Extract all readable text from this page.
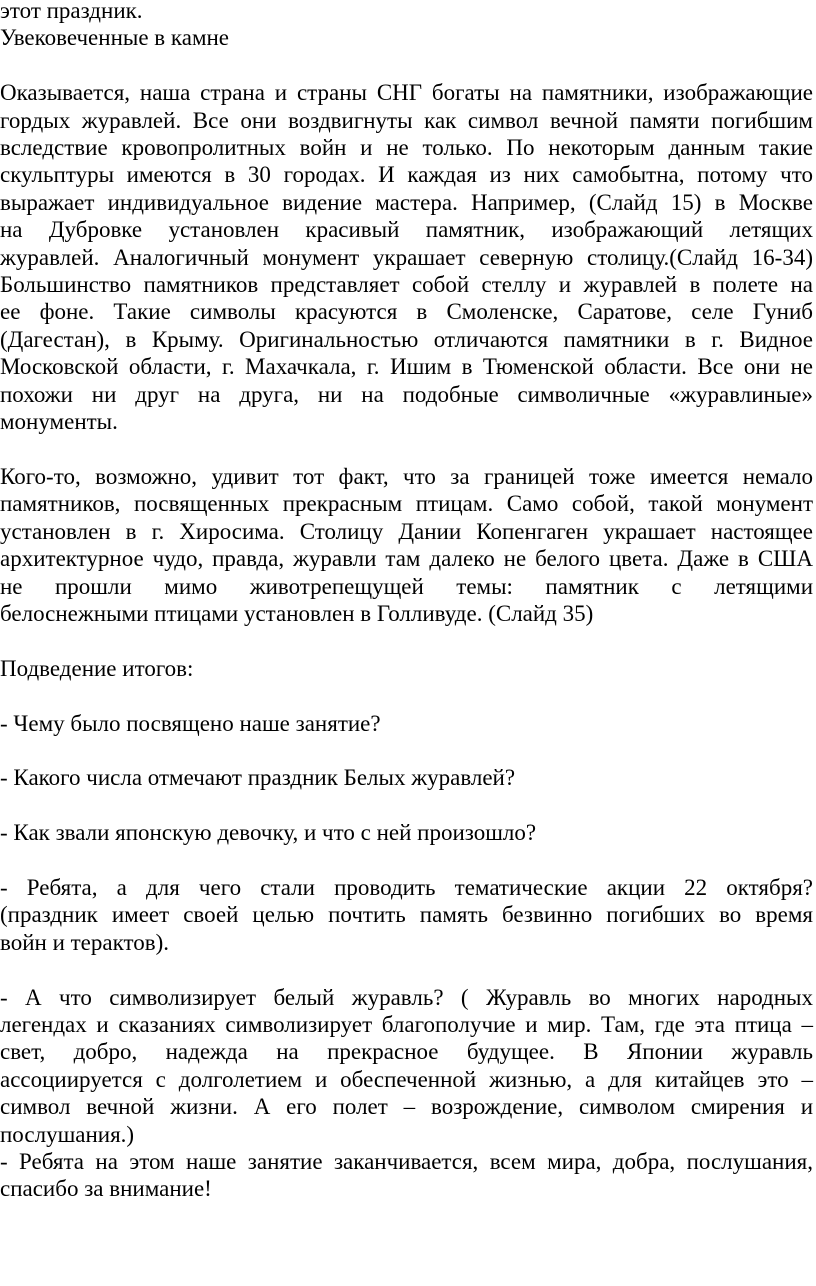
этот праздник.
Увековеченные в камне
Оказывается, наша страна и страны СНГ богаты на памятники, изображающие
гордых журавлей. Все они воздвигнуты как символ вечной памяти погибшим
вследствие кровопролитных войн и не только. По некоторым данным такие
скульптуры имеются в 30 городах. И каждая из них самобытна, потому что
выражает индивидуальное видение мастера. Например, (Слайд 15) в Москве
на Дубровке установлен красивый памятник, изображающий летящих
журавлей. Аналогичный монумент украшает северную столицу.(Слайд 16-34)
Большинство памятников представляет собой стеллу и журавлей в полете на
ее фоне. Такие символы красуются в Смоленске, Саратове, селе Гуниб
(Дагестан), в Крыму. Оригинальностью отличаются памятники в г. Видное
Московской области, г. Махачкала, г. Ишим в Тюменской области. Все они не
похожи ни друг на друга, ни на подобные символичные «журавлиные»
монументы.
Кого-то, возможно, удивит тот факт, что за границей тоже имеется немало
памятников, посвященных прекрасным птицам. Само собой, такой монумент
установлен в г. Хиросима. Столицу Дании Копенгаген украшает настоящее
архитектурное чудо, правда, журавли там далеко не белого цвета. Даже в США
не прошли мимо животрепещущей темы: памятник с летящими
белоснежными птицами установлен в Голливуде. (Слайд 35)
Подведение итогов:
- Чему было посвящено наше занятие?
- Какого числа отмечают праздник Белых журавлей?
- Как звали японскую девочку, и что с ней произошло?
- Ребята, а для чего стали проводить тематические акции 22 октября?
(праздник имеет своей целью почтить память безвинно погибших во время
войн и терактов).
- А что символизирует белый журавль? ( Журавль во многих народных
легендах и сказаниях символизирует благополучие и мир. Там, где эта птица –
свет, добро, надежда на прекрасное будущее. В Японии журавль
ассоциируется с долголетием и обеспеченной жизнью, а для китайцев это –
символ вечной жизни. А его полет – возрождение, символом смирения и
послушания.)
- Ребята на этом наше занятие заканчивается, всем мира, добра, послушания,
спасибо за внимание!
